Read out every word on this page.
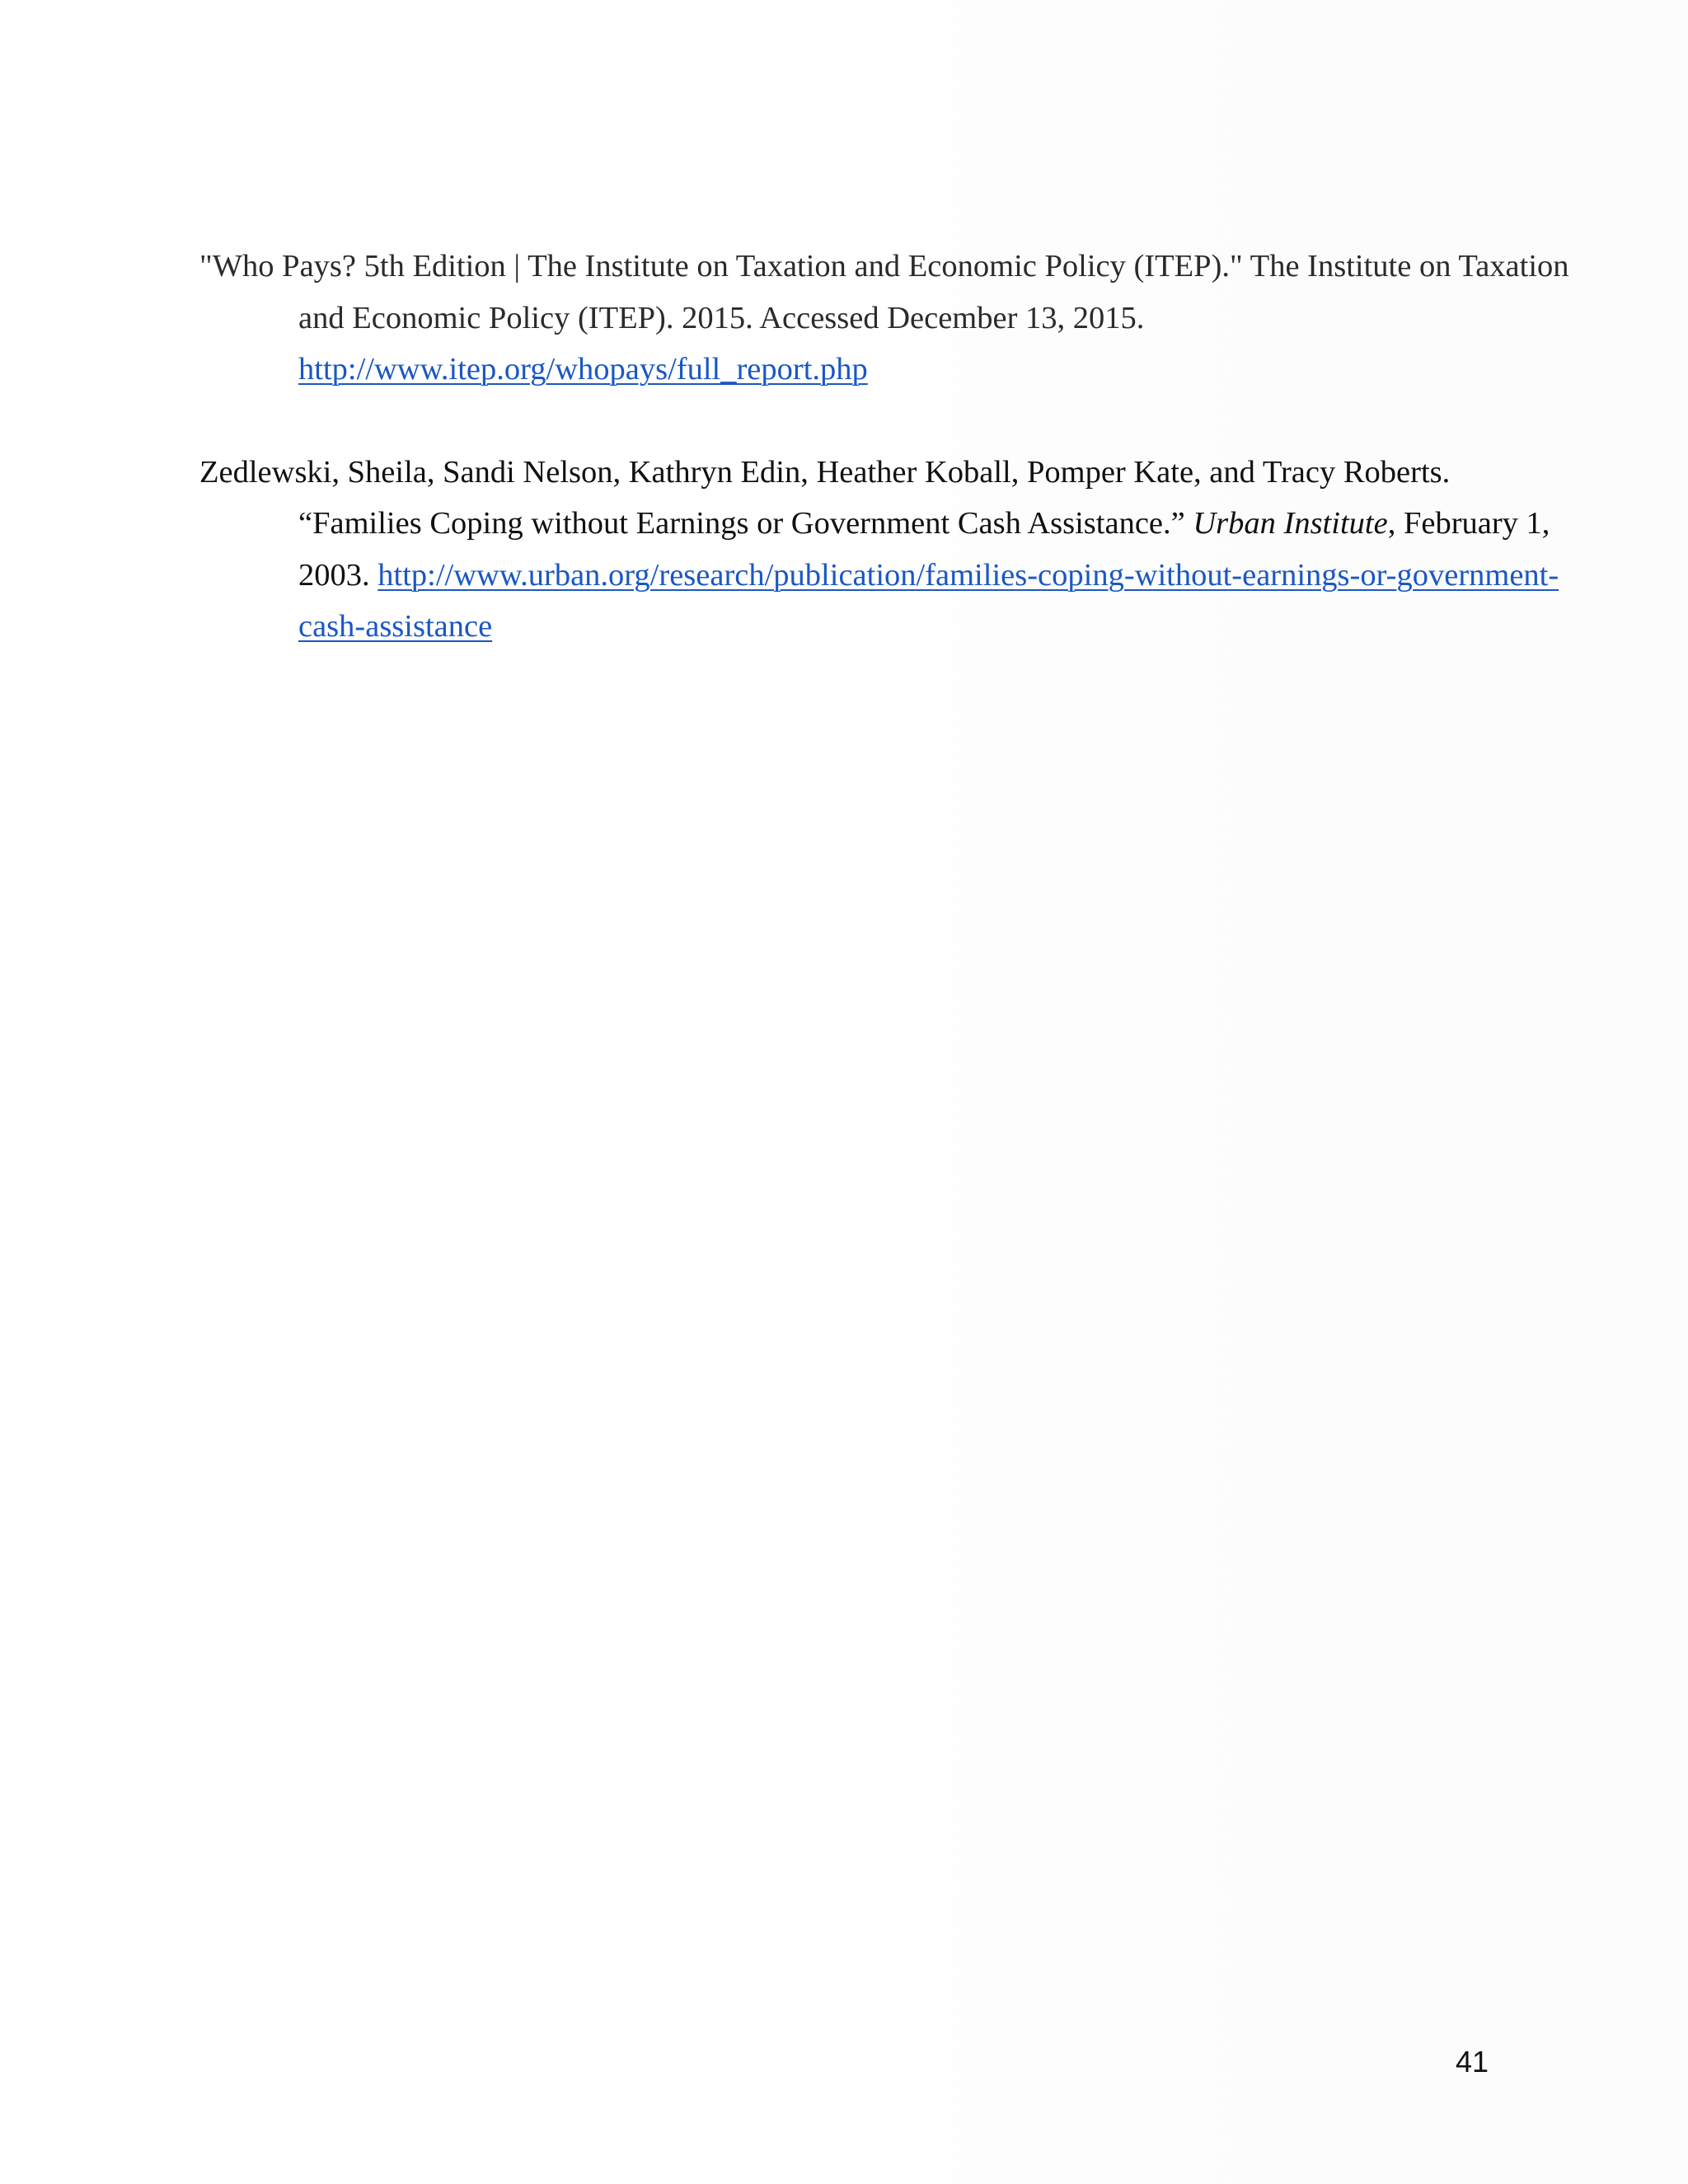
"Who Pays? 5th Edition | The Institute on Taxation and Economic Policy (ITEP)." The Institute on Taxation and Economic Policy (ITEP). 2015. Accessed December 13, 2015.
http://www.itep.org/whopays/full_report.php

Zedlewski, Sheila, Sandi Nelson, Kathryn Edin, Heather Koball, Pomper Kate, and Tracy Roberts. “Families Coping without Earnings or Government Cash Assistance.” Urban Institute, February 1, 2003. http://www.urban.org/research/publication/families-coping-without-earnings-or-government-cash-assistance

41
